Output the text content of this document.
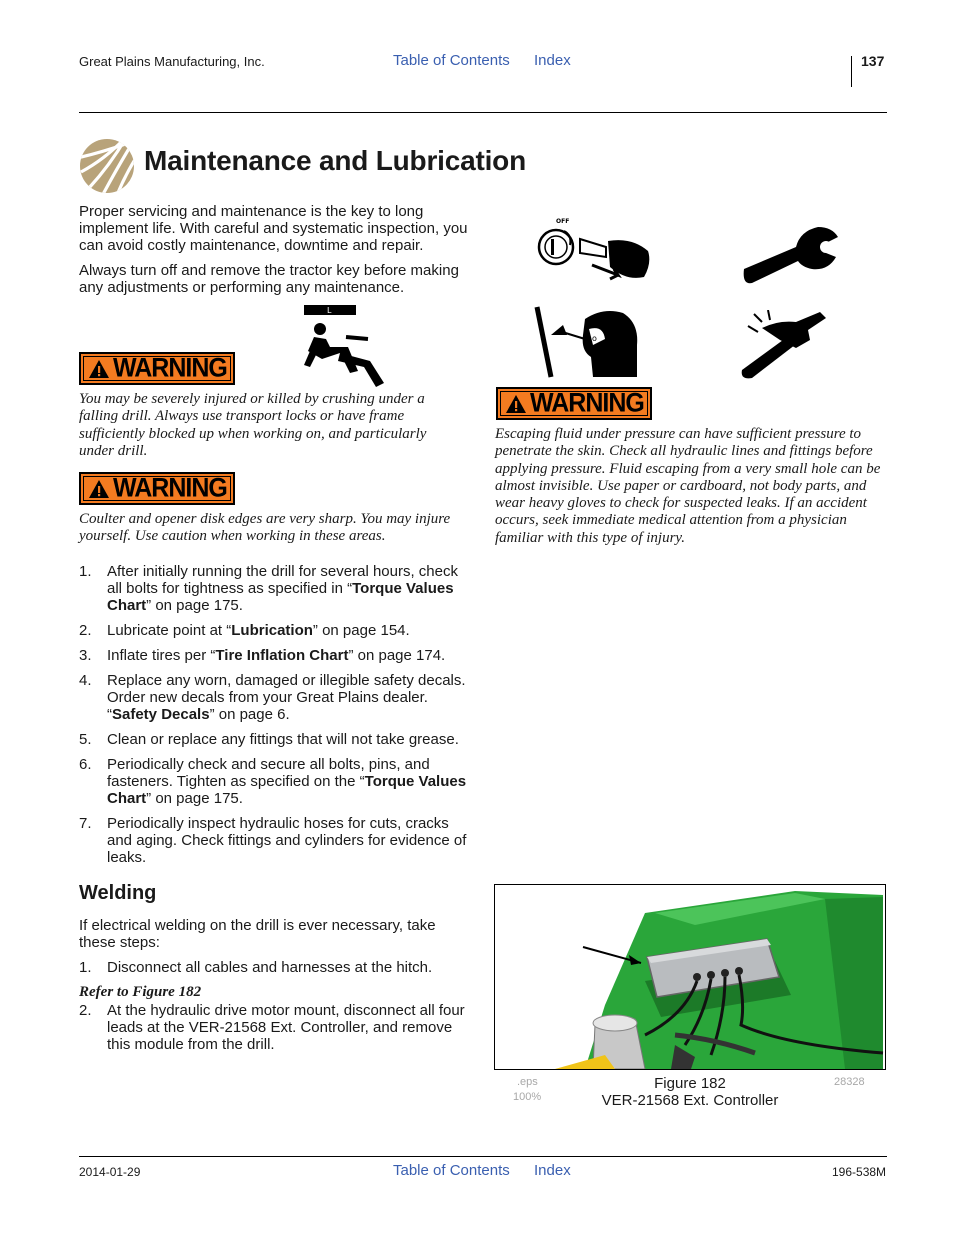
Great Plains Manufacturing, Inc.	Table of Contents Index	137
Maintenance and Lubrication

Proper servicing and maintenance is the key to long implement life. With careful and systematic inspection, you can avoid costly maintenance, downtime and repair.

Always turn off and remove the tractor key before making any adjustments or performing any maintenance.

L
WARNING

You may be severely injured or killed by crushing under a falling drill. Always use transport locks or have frame sufficiently blocked up when working on, and particularly under drill.

WARNING

Coulter and opener disk edges are very sharp. You may injure yourself. Use caution when working in these areas.

OFF
o
WARNING

Escaping fluid under pressure can have sufficient pressure to penetrate the skin. Check all hydraulic lines and fittings before applying pressure. Fluid escaping from a very small hole can be almost invisible. Use paper or cardboard, not body parts, and wear heavy gloves to check for suspected leaks. If an accident occurs, seek immediate medical attention from a physician familiar with this type of injury.

1. After initially running the drill for several hours, check all bolts for tightness as specified in “Torque Values Chart” on page 175.
2. Lubricate point at “Lubrication” on page 154.
3. Inflate tires per “Tire Inflation Chart” on page 174.
4. Replace any worn, damaged or illegible safety decals. Order new decals from your Great Plains dealer. “Safety Decals” on page 6.
5. Clean or replace any fittings that will not take grease.
6. Periodically check and secure all bolts, pins, and fasteners. Tighten as specified on the “Torque Values Chart” on page 175.
7. Periodically inspect hydraulic hoses for cuts, cracks and aging. Check fittings and cylinders for evidence of leaks.
Welding

If electrical welding on the drill is ever necessary, take these steps:

1. Disconnect all cables and harnesses at the hitch.
Refer to Figure 182
2. At the hydraulic drive motor mount, disconnect all four leads at the VER-21568 Ext. Controller, and remove this module from the drill.
.eps
100%
28328
Figure 182
VER-21568 Ext. Controller
2014-01-29	Table of Contents Index	196-538M
